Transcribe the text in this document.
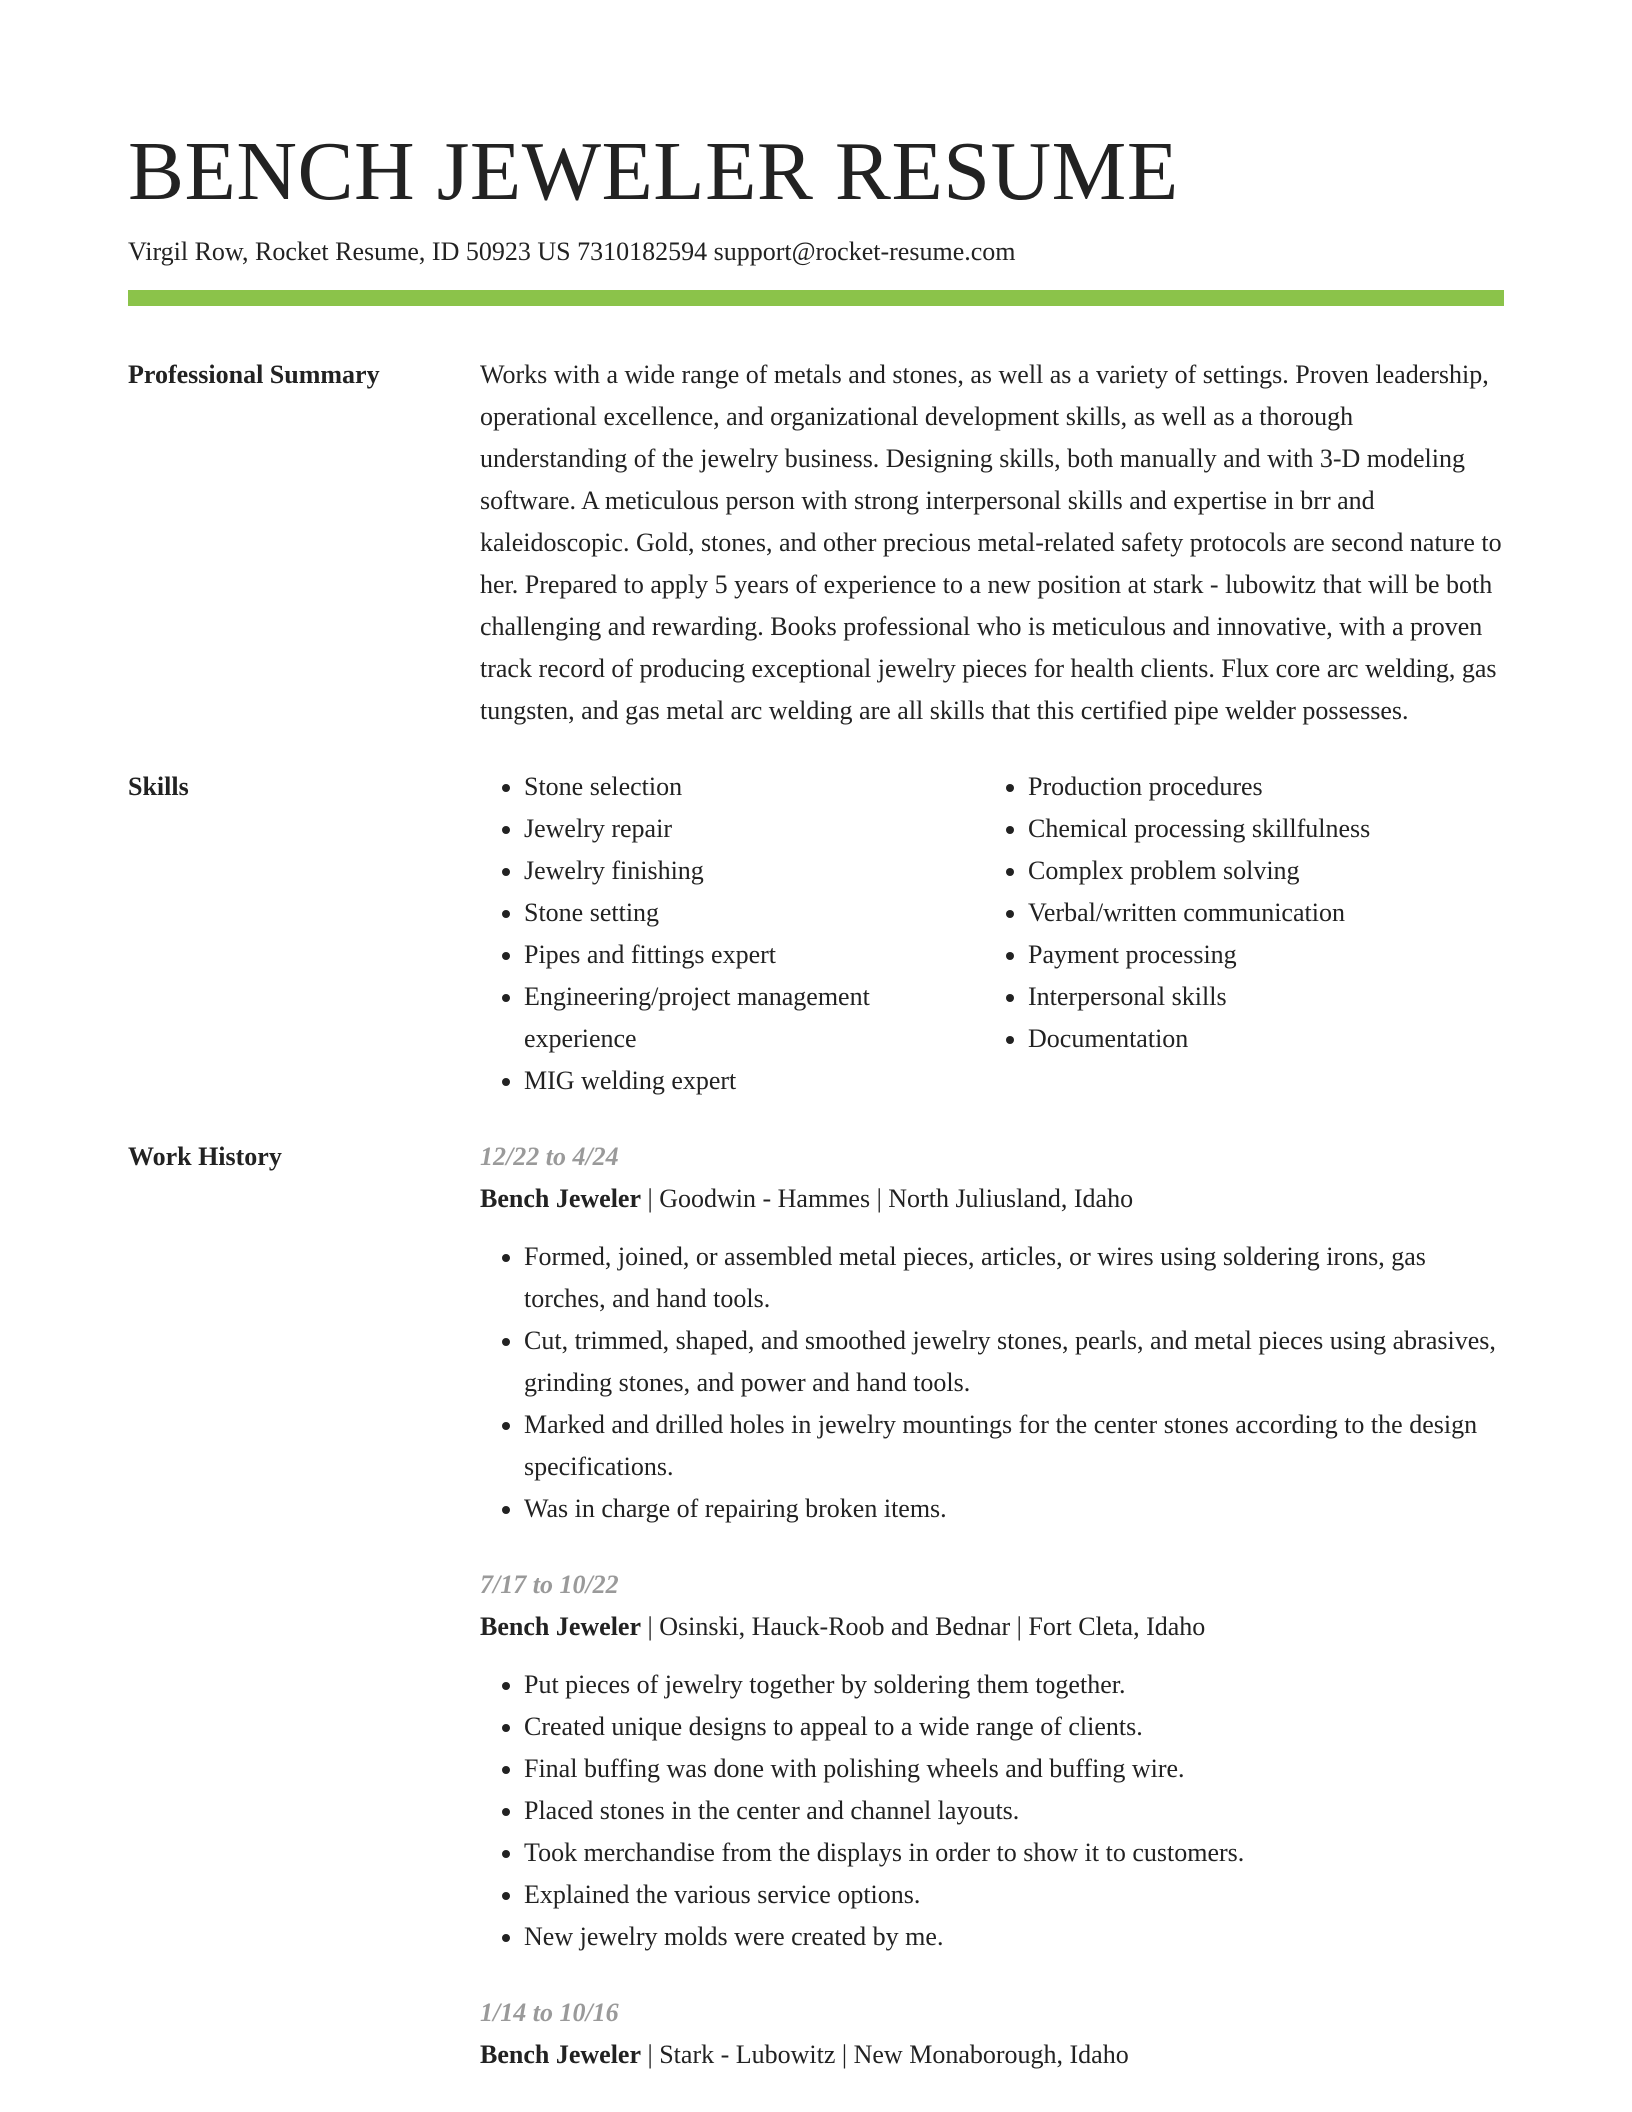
BENCH JEWELER RESUME
Virgil Row, Rocket Resume, ID 50923 US 7310182594 support@rocket-resume.com
Professional Summary	Works with a wide range of metals and stones, as well as a variety of settings. Proven leadership, operational excellence, and organizational development skills, as well as a thorough understanding of the jewelry business. Designing skills, both manually and with 3-D modeling software. A meticulous person with strong interpersonal skills and expertise in brr and kaleidoscopic. Gold, stones, and other precious metal-related safety protocols are second nature to her. Prepared to apply 5 years of experience to a new position at stark - lubowitz that will be both challenging and rewarding. Books professional who is meticulous and innovative, with a proven track record of producing exceptional jewelry pieces for health clients. Flux core arc welding, gas tungsten, and gas metal arc welding are all skills that this certified pipe welder possesses.

Skills
•	Stone selection
• Jewelry repair
• Jewelry finishing
• Stone setting
• Pipes and fittings expert
• Engineering/project management experience
• MIG welding expert
• Production procedures
• Chemical processing skillfulness
• Complex problem solving
• Verbal/written communication
• Payment processing
• Interpersonal skills
• Documentation
Work History	12/22 to 4/24
Bench Jeweler | Goodwin - Hammes | North Juliusland, Idaho
• Formed, joined, or assembled metal pieces, articles, or wires using soldering irons, gas torches, and hand tools.
• Cut, trimmed, shaped, and smoothed jewelry stones, pearls, and metal pieces using abrasives, grinding stones, and power and hand tools.
• Marked and drilled holes in jewelry mountings for the center stones according to the design specifications.
• Was in charge of repairing broken items.
7/17 to 10/22
Bench Jeweler | Osinski, Hauck-Roob and Bednar | Fort Cleta, Idaho
• Put pieces of jewelry together by soldering them together.
• Created unique designs to appeal to a wide range of clients.
• Final buffing was done with polishing wheels and buffing wire.
• Placed stones in the center and channel layouts.
• Took merchandise from the displays in order to show it to customers.
• Explained the various service options.
• New jewelry molds were created by me.
1/14 to 10/16
Bench Jeweler | Stark - Lubowitz | New Monaborough, Idaho
